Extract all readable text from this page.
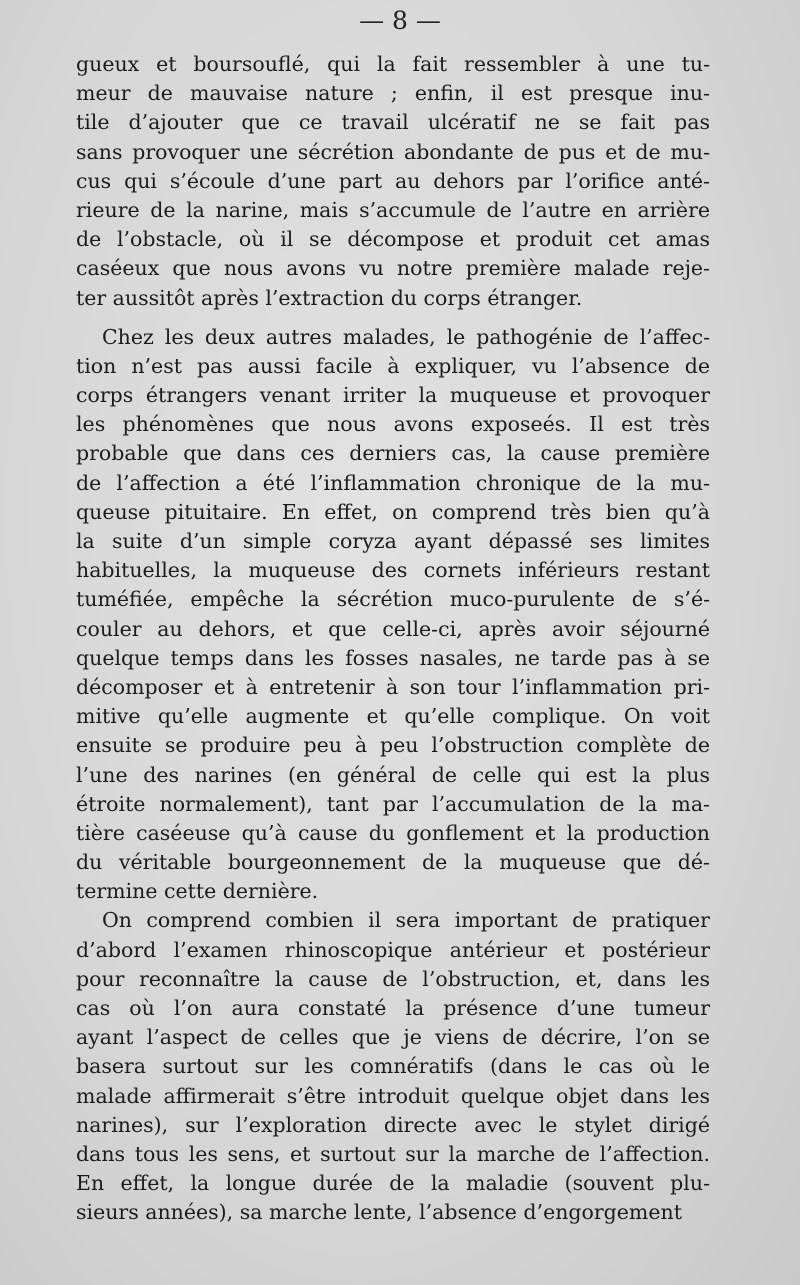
— 8 —
gueux et boursouflé, qui la fait ressembler à une tu-
meur de mauvaise nature ; enfin, il est presque inu-
tile d’ajouter que ce travail ulcératif ne se fait pas
sans provoquer une sécrétion abondante de pus et de mu-
cus qui s’écoule d’une part au dehors par l’orifice anté-
rieure de la narine, mais s’accumule de l’autre en arrière
de l’obstacle, où il se décompose et produit cet amas
caséeux que nous avons vu notre première malade reje-
ter aussitôt après l’extraction du corps étranger.
Chez les deux autres malades, le pathogénie de l’affec-
tion n’est pas aussi facile à expliquer, vu l’absence de
corps étrangers venant irriter la muqueuse et provoquer
les phénomènes que nous avons exposeés. Il est très
probable que dans ces derniers cas, la cause première
de l’affection a été l’inflammation chronique de la mu-
queuse pituitaire. En effet, on comprend très bien qu’à
la suite d’un simple coryza ayant dépassé ses limites
habituelles, la muqueuse des cornets inférieurs restant
tuméfiée, empêche la sécrétion muco-purulente de s’é-
couler au dehors, et que celle-ci, après avoir séjourné
quelque temps dans les fosses nasales, ne tarde pas à se
décomposer et à entretenir à son tour l’inflammation pri-
mitive qu’elle augmente et qu’elle complique. On voit
ensuite se produire peu à peu l’obstruction complète de
l’une des narines (en général de celle qui est la plus
étroite normalement), tant par l’accumulation de la ma-
tière caséeuse qu’à cause du gonflement et la production
du véritable bourgeonnement de la muqueuse que dé-
termine cette dernière.
On comprend combien il sera important de pratiquer
d’abord l’examen rhinoscopique antérieur et postérieur
pour reconnaître la cause de l’obstruction, et, dans les
cas où l’on aura constaté la présence d’une tumeur
ayant l’aspect de celles que je viens de décrire, l’on se
basera surtout sur les comnératifs (dans le cas où le
malade affirmerait s’être introduit quelque objet dans les
narines), sur l’exploration directe avec le stylet dirigé
dans tous les sens, et surtout sur la marche de l’affection.
En effet, la longue durée de la maladie (souvent plu-
sieurs années), sa marche lente, l’absence d’engorgement
